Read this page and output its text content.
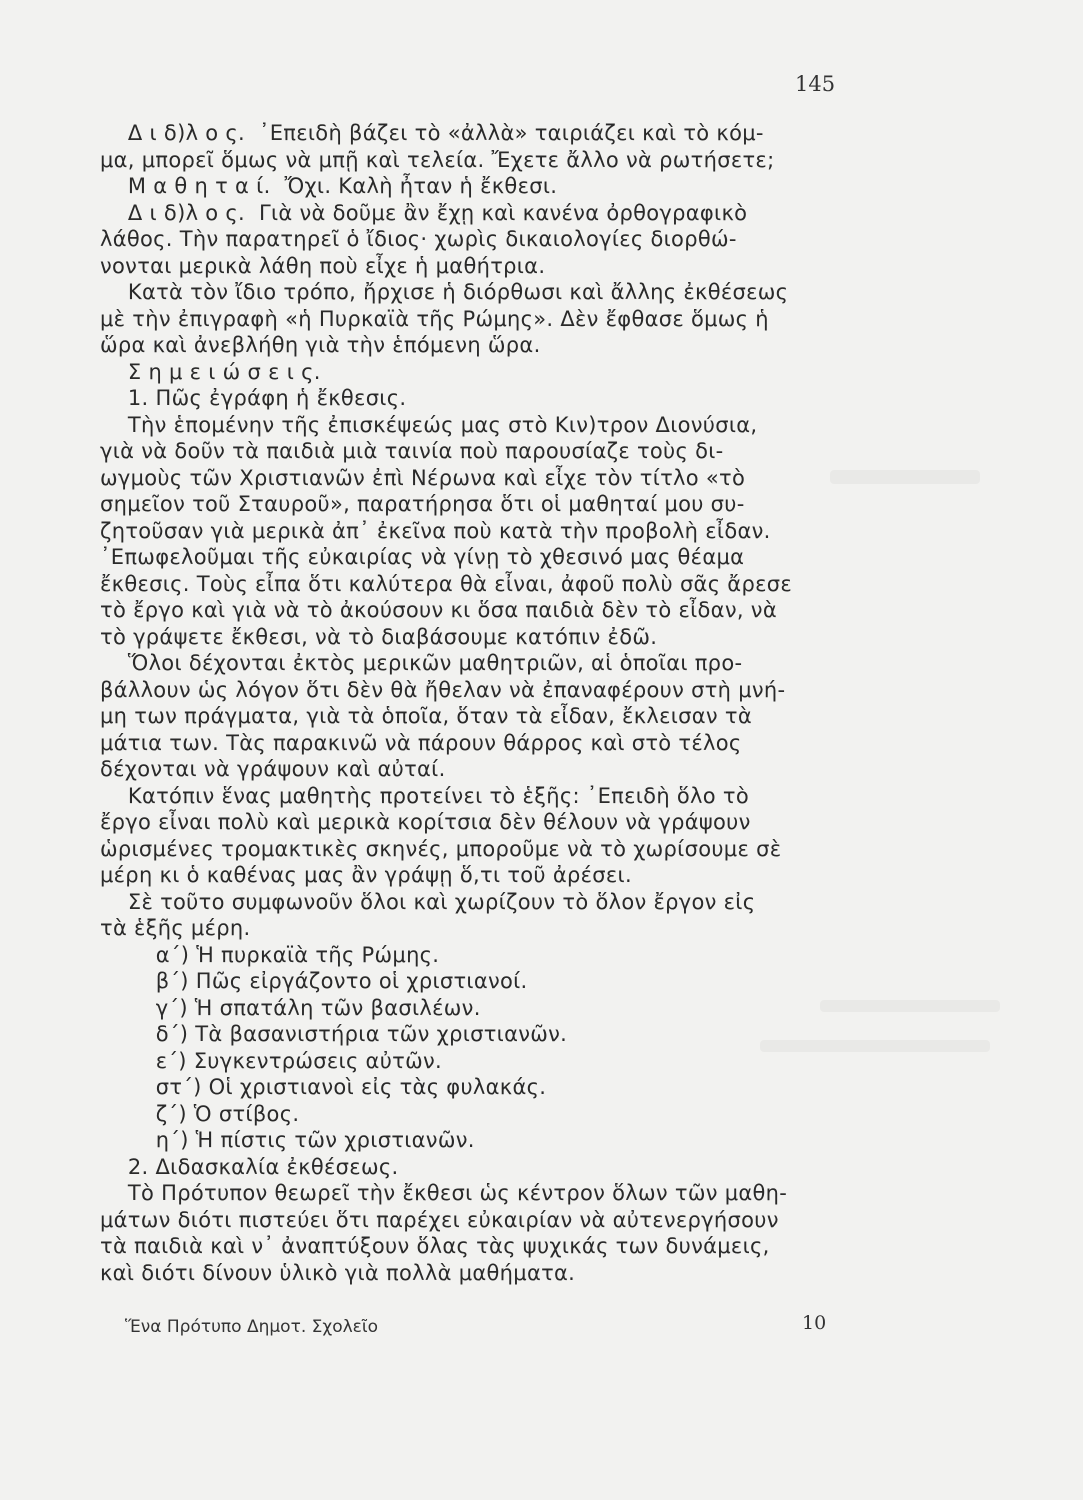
145
Δ ι δ)λ ο ς.  ᾿Επειδὴ βάζει τὸ «ἀλλὰ» ταιριάζει καὶ τὸ κόμ-
μα, μπορεῖ ὅμως νὰ μπῇ καὶ τελεία. Ἔχετε ἄλλο νὰ ρωτήσετε;
Μ α θ η τ α ί.  Ὄχι. Καλὴ ἦταν ἡ ἔκθεσι.
Δ ι δ)λ ο ς.  Γιὰ νὰ δοῦμε ἂν ἔχῃ καὶ κανένα ὀρθογραφικὸ
λάθος. Τὴν παρατηρεῖ ὁ ἴδιος· χωρὶς δικαιολογίες διορθώ-
νονται μερικὰ λάθη ποὺ εἶχε ἡ μαθήτρια.
Κατὰ τὸν ἴδιο τρόπο, ἤρχισε ἡ διόρθωσι καὶ ἄλλης ἐκθέσεως
μὲ τὴν ἐπιγραφὴ «ἡ Πυρκαϊὰ τῆς Ρώμης». Δὲν ἔφθασε ὅμως ἡ
ὥρα καὶ ἀνεβλήθη γιὰ τὴν ἑπόμενη ὥρα.
Σ η μ ε ι ώ σ ε ι ς.
1. Πῶς ἐγράφη ἡ ἔκθεσις.
Τὴν ἑπομένην τῆς ἐπισκέψεώς μας στὸ Κιν)τρον Διονύσια,
γιὰ νὰ δοῦν τὰ παιδιὰ μιὰ ταινία ποὺ παρουσίαζε τοὺς δι-
ωγμοὺς τῶν Χριστιανῶν ἐπὶ Νέρωνα καὶ εἶχε τὸν τίτλο «τὸ
σημεῖον τοῦ Σταυροῦ», παρατήρησα ὅτι οἱ μαθηταί μου συ-
ζητοῦσαν γιὰ μερικὰ ἀπ᾿ ἐκεῖνα ποὺ κατὰ τὴν προβολὴ εἶδαν.
᾿Επωφελοῦμαι τῆς εὐκαιρίας νὰ γίνῃ τὸ χθεσινό μας θέαμα
ἔκθεσις. Τοὺς εἶπα ὅτι καλύτερα θὰ εἶναι, ἀφοῦ πολὺ σᾶς ἄρεσε
τὸ ἔργο καὶ γιὰ νὰ τὸ ἀκούσουν κι ὅσα παιδιὰ δὲν τὸ εἶδαν, νὰ
τὸ γράψετε ἔκθεσι, νὰ τὸ διαβάσουμε κατόπιν ἐδῶ.
Ὅλοι δέχονται ἐκτὸς μερικῶν μαθητριῶν, αἱ ὁποῖαι προ-
βάλλουν ὡς λόγον ὅτι δὲν θὰ ἤθελαν νὰ ἐπαναφέρουν στὴ μνή-
μη των πράγματα, γιὰ τὰ ὁποῖα, ὅταν τὰ εἶδαν, ἔκλεισαν τὰ
μάτια των. Τὰς παρακινῶ νὰ πάρουν θάρρος καὶ στὸ τέλος
δέχονται νὰ γράψουν καὶ αὐταί.
Κατόπιν ἕνας μαθητὴς προτείνει τὸ ἑξῆς: ᾿Επειδὴ ὅλο τὸ
ἔργο εἶναι πολὺ καὶ μερικὰ κορίτσια δὲν θέλουν νὰ γράψουν
ὡρισμένες τρομακτικὲς σκηνές, μποροῦμε νὰ τὸ χωρίσουμε σὲ
μέρη κι ὁ καθένας μας ἂν γράψῃ ὅ,τι τοῦ ἀρέσει.
Σὲ τοῦτο συμφωνοῦν ὅλοι καὶ χωρίζουν τὸ ὅλον ἔργον εἰς
τὰ ἑξῆς μέρη.
α΄) Ἡ πυρκαϊὰ τῆς Ρώμης.
β΄) Πῶς εἰργάζοντο οἱ χριστιανοί.
γ΄) Ἡ σπατάλη τῶν βασιλέων.
δ΄) Τὰ βασανιστήρια τῶν χριστιανῶν.
ε΄) Συγκεντρώσεις αὐτῶν.
στ΄) Οἱ χριστιανοὶ εἰς τὰς φυλακάς.
ζ΄) Ὁ στίβος.
η΄) Ἡ πίστις τῶν χριστιανῶν.
2. Διδασκαλία ἐκθέσεως.
Τὸ Πρότυπον θεωρεῖ τὴν ἔκθεσι ὡς κέντρον ὅλων τῶν μαθη-
μάτων διότι πιστεύει ὅτι παρέχει εὐκαιρίαν νὰ αὐτενεργήσουν
τὰ παιδιὰ καὶ ν᾿ ἀναπτύξουν ὅλας τὰς ψυχικάς των δυνάμεις,
καὶ διότι δίνουν ὑλικὸ γιὰ πολλὰ μαθήματα.
Ἕνα Πρότυπο Δημοτ. Σχολεῖο	10
